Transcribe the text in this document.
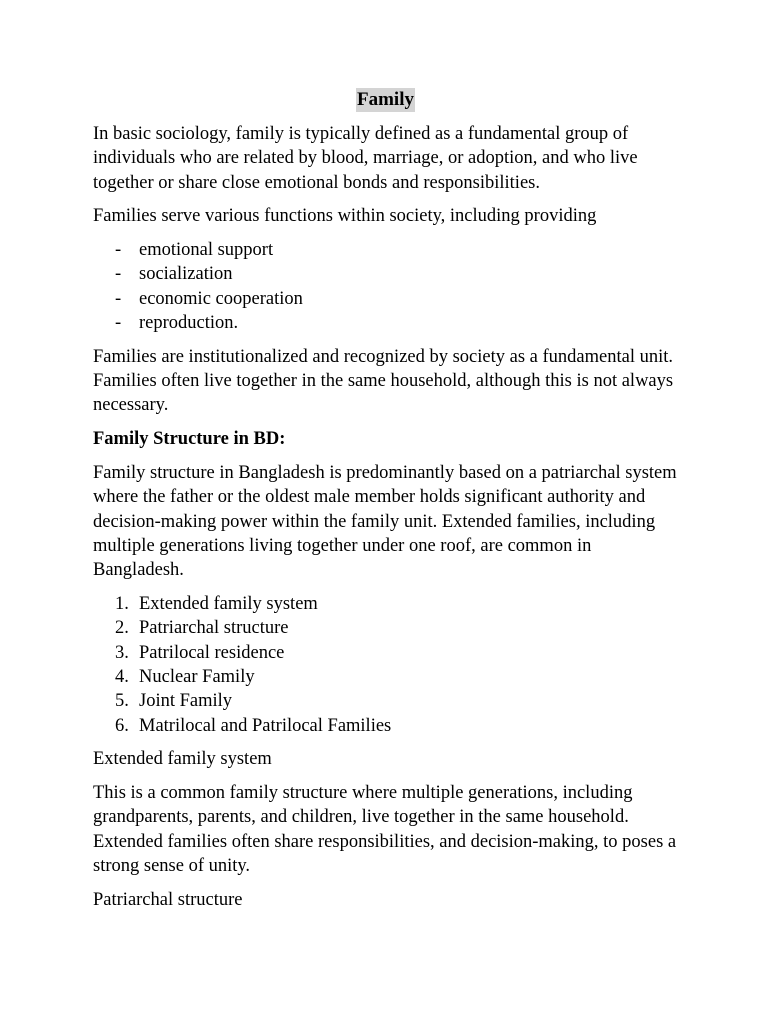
Family

In basic sociology, family is typically defined as a fundamental group of individuals who are related by blood, marriage, or adoption, and who live together or share close emotional bonds and responsibilities.

Families serve various functions within society, including providing

- emotional support
- socialization
- economic cooperation
- reproduction.

Families are institutionalized and recognized by society as a fundamental unit. Families often live together in the same household, although this is not always necessary.

Family Structure in BD:

Family structure in Bangladesh is predominantly based on a patriarchal system where the father or the oldest male member holds significant authority and decision-making power within the family unit. Extended families, including multiple generations living together under one roof, are common in Bangladesh.

1. Extended family system
2. Patriarchal structure
3. Patrilocal residence
4. Nuclear Family
5. Joint Family
6. Matrilocal and Patrilocal Families

Extended family system

This is a common family structure where multiple generations, including grandparents, parents, and children, live together in the same household. Extended families often share responsibilities, and decision-making, to poses a strong sense of unity.

Patriarchal structure
